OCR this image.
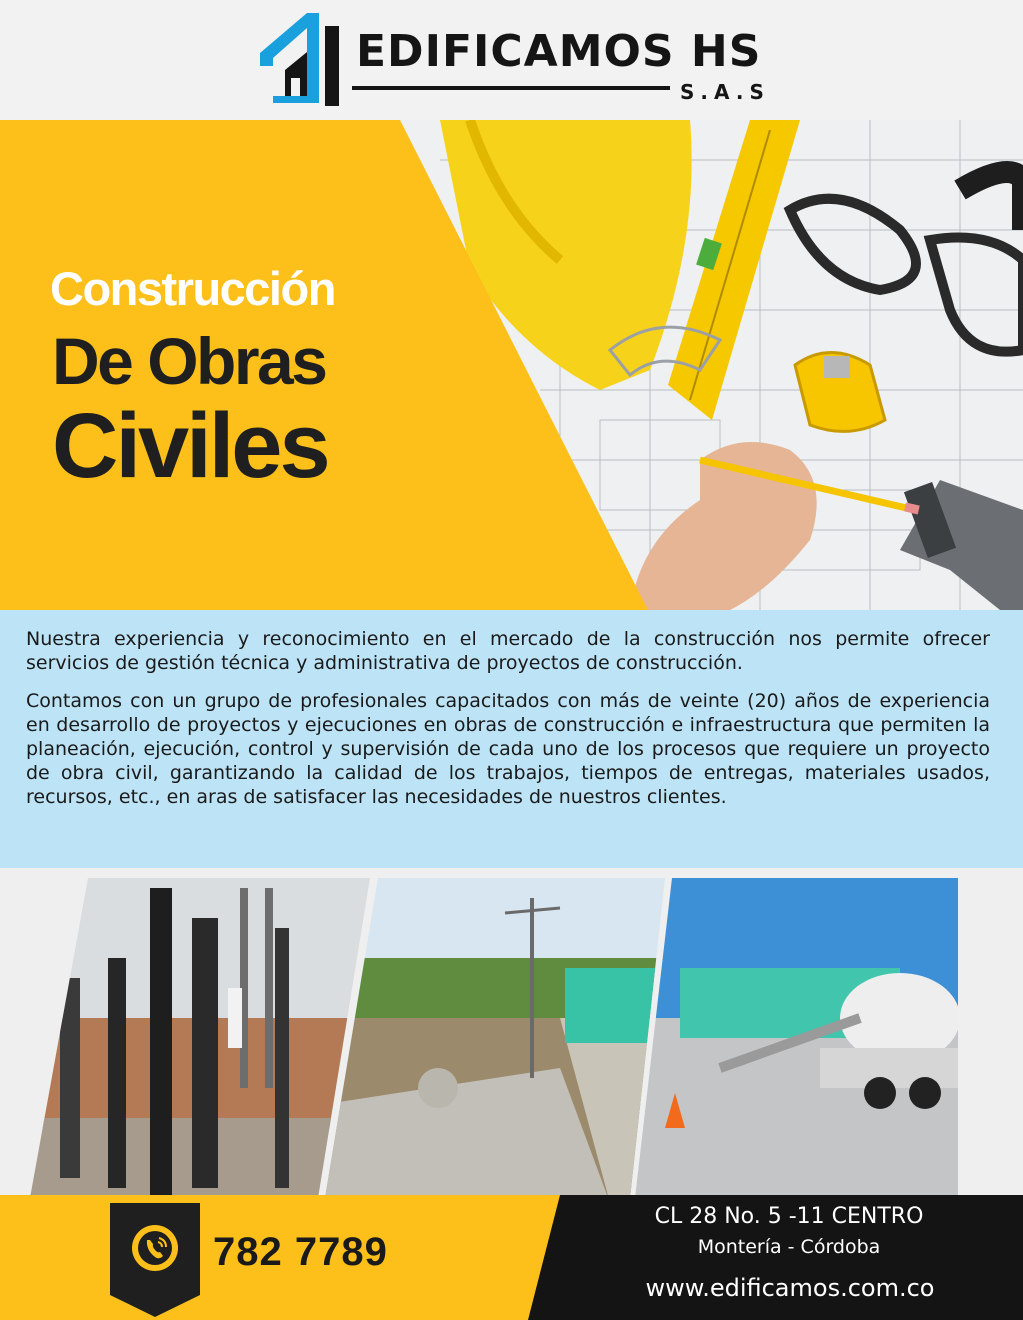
EDIFICAMOS HS
S.A.S
Construcción
De Obras
Civiles

Nuestra experiencia y reconocimiento en el mercado de la construcción nos permite ofrecer servicios de gestión técnica y administrativa de proyectos de construcción.

Contamos con un grupo de profesionales capacitados con más de veinte (20) años de experiencia en desarrollo de proyectos y ejecuciones en obras de construcción e infraestructura que permiten la planeación, ejecución, control y supervisión de cada uno de los procesos que requiere un proyecto de obra civil, garantizando la calidad de los trabajos, tiempos de entregas, materiales usados, recursos, etc., en aras de satisfacer las necesidades de nuestros clientes.

782 7789
CL 28 No. 5 -11 CENTRO
Montería - Córdoba
www.edificamos.com.co
